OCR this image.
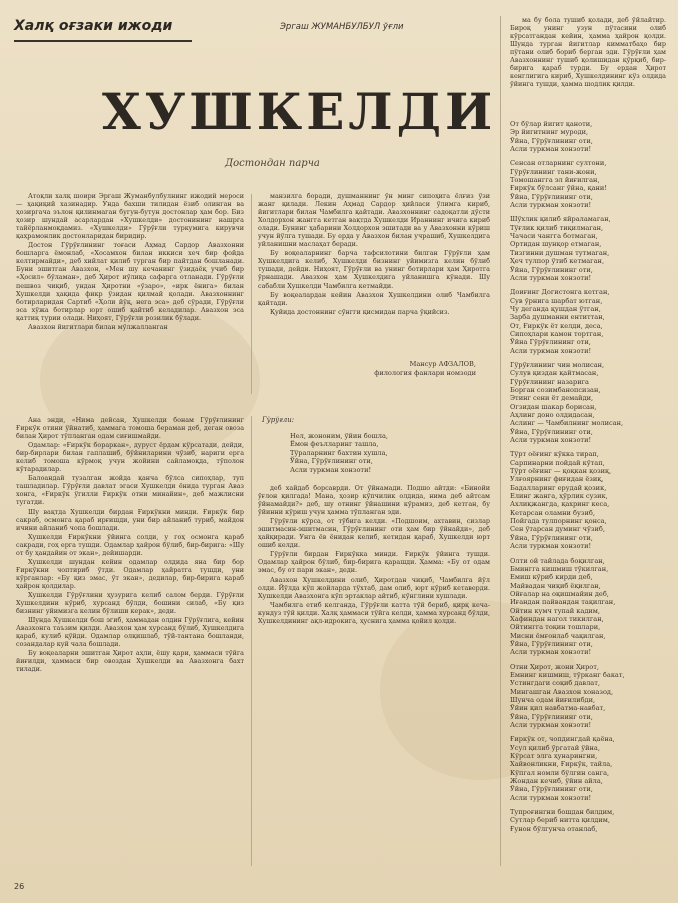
Халқ оғзаки ижоди	Эргаш ЖУМАНБУЛБУЛ ўғли
ХУШКЕЛДИ
Достондан парча

Атоқли халқ шоири Эргаш Жуманбулбулнинг ижодий мероси — ҳақиқий хазинадир. Унда бахши тилидан ёзиб олинган ва ҳозиргача эълон қилинмаган бугун-бутун достонлар ҳам бор. Биз ҳозир шундай асарлардан «Хушкелди» достонининг нашрга тайёрланмоқдамиз. «Хушкелди» Гўрўғли туркумига кирувчи қаҳрамонлик достонларидан биридир.

Достон Гўрўғлининг тоғаси Аҳмад Сардор Авазхонни бошларга ёмонлаб, «Хосамхон билан иккиси хеч бир фойда келтирмайди», деб хийлат қилиб турган бир пайтдан бошланади. Буни эшитган Авазхон, «Мен шу кечанинг ўзидаёқ учиб бир «Ҳосил» бўламан», деб Ҳирот иўлиқа сафарга отланади. Гўрўғли пешвоз чиқиб, ундан Ҳиротни «ўзаро», «ирк ёнига» билан Хушкелди ҳақида фикр ўзидан қилмай қолади. Авазхоннинг ботирларидан Сартиб «Ҳоли йўқ, нега эса» деб сўради, Гўрўғли эса хўжа ботирлар юрт ошиб қайтиб келадилар. Авазхон эса қаттиқ турии олади. Ниҳоят, Гўрўғли розилик бўлади.

Авазхон йигитлари билан мўлжалланган

манзилга боради, душманнинг ўн минг сипоҳига ёлғиз ўзи жанг қилади. Лекин Аҳмад Сардор ҳийласи ўлимга кириб, йигитлари билан Чамбилга қайтади. Авазхоннинг садоқатли дўсти Холдорхон жангга кетган вақтда Хушкелди Ираннинг ичига кириб олади. Бунинг ҳабарини Холдорхон эшитади ва у Авазхонни кўриш учун йўлга тушади. Бу ерда у Авазхон билан учрашиб, Хушкелдига уйланишни маслаҳат беради.

Бу воқеаларнинг барча тафсилотини билган Гўрўғли ҳам Хушкелдига келиб, Хушкелди бизнинг уйимизга келин бўлиб тушади, дейди. Ниҳоят, Гўрўғли ва унинг ботирлари ҳам Ҳиротга ўрнашади. Авазхон ҳам Хушкелдига уйланишга кўнади. Шу сабабли Хушкелди Чамбилга кетмайди.

Бу воқеалардан кейин Авазхон Хушкелдини олиб Чамбилга қайтади.

Қуйида достоннинг сўнгги қисмидан парча ўқийсиз.

Мансур АФЗАЛОВ,
филология фанлари номзоди

Ана энди, «Нима дейсан, Хушкелди бонам Гўрўғлининг Ғиркўк отини ўйнатиб, ҳаммага томоша бераман деб, деган овоза билан Ҳирот тўпланган одам сиғишмайди.

Одамлар: «Ғиркўк бораркан», дуруст ёрдам кўрсатади, дейди, бир-бирлари билан гаплашиб, бўйниларини чўзиб, нариги ерга келиб томоша кўрмоқ учун жойини сайламоқда, тўполон кўтарадилар.

Балоандай тузалган жойда қанча бўлса сипоҳлар, туп ташладилар. Гўрўғли давлат эгаси Хушкелди ёнида турган Аваз хонга, «Ғиркўк ўгилли Ғиркўк отни минайин», деб мажлисни тугатди.

Шу вақтда Хушкелди бирдан Ғиркўкни минди. Ғиркўк бир сакраб, осмонга қараб ирғишди, уни бир айланиб туриб, майдон ичини айланиб чопа бошлади.

Хушкелди Ғиркўкни ўйинга солди, у гоҳ осмонга қараб сакради, гоҳ ерга тушди. Одамлар ҳайрон бўлиб, бир-бирига: «Шу от бу ҳандайин от экан», дейишарди.

Хушкелди шундан кейин одамлар олдида яна бир бор Ғиркўкни чоптириб ўтди. Одамлар ҳайратга тушди, уни кўрганлар: «Бу қиз эмас, ўт экан», дедилар, бир-бирига қараб ҳайрон қолдилар.

Хушкелди Гўрўғлини ҳузурига келиб салом берди. Гўрўғли Хушкелдини кўриб, хурсанд бўлди, бошини силаб, «Бу қиз бизнинг уйимизга келин бўлиши керак», деди.

Шунда Хушкелди бош эгиб, ҳаммадан олдин Гўрўғлига, кейин Авазхонга таъзим қилди. Авазхон ҳам хурсанд бўлиб, Хушкелдига қараб, кулиб қўйди. Одамлар олқишлаб, тўй-тантана бошланди, созандалар куй чала бошлади.

Бу воқеаларни эшитган Ҳирот аҳли, ёшу қари, ҳаммаси тўйга йиғилди, ҳаммаси бир овоздан Хушкелди ва Авазхонга бахт тилади.

Гўрўғли:
Нел, жононим, ўйин бошла,
Ёмон феълларинг ташла,
Тўраларнинг бахтин хушла,
Ўйна, Гўрўғлининг оти,
Асли туркман хонзоти!

деб хайдаб борсаврди. От ўйнамади. Подшо айтди: «Бинойи ўғлон қилгада! Мана, ҳозир кўпчилик олдида, нима деб айтсам ўйнамайди?» деб, шу отнинг ўйнашини кўрамиз, деб кетган, бу ўйинни кўриш учун ҳамма тўпланган эди.

Гўрўғли кўрса, от тўбига келди. «Подшоим, ахтавин, сизлар эшитмасин-эшитмасин, Гўрўғлининг оти ҳам бир ўйнайди», деб ҳайқиради. Унга ёв ёнидан келиб, кетидан қараб, Хушкелди юрт ошиб келди.

Гўрўғли бирдан Ғиркўкка минди. Ғиркўк ўйинга тушди. Одамлар ҳайрон бўлиб, бир-бирига қарашди. Ҳамма: «Бу от одам эмас, бу от пари экан», деди.

Авазхон Хушкелдини олиб, Ҳиротдан чиқиб, Чамбилга йўл олди. Йўлда кўп жойларда тўхтаб, дам олиб, юрт кўриб кетаверди. Хушкелди Авазхонга кўп эртаклар айтиб, кўнглини хушлади.

Чамбилга етиб келганда, Гўрўғли катта тўй бериб, қирқ кеча-кундуз тўй қилди. Халқ ҳаммаси тўйга келди, ҳамма хурсанд бўлди, Хушкелдининг ақл-идрокига, ҳуснига ҳамма қойил қолди.

ма бу бола тушиб қолади, деб ўйлайтир. Бироқ унинг узун пўтасини олиб кўрсатгандан кейин, ҳамма ҳайрон қолди. Шунда турган йигитлар кимматбаҳо бир пўтани олиб бориб берган эди. Гўрўғли ҳам Авазхоннинг тушиб қолишидан қўрқиб, бир-бирига қараб турди. Бу ердан Ҳирот кенглигига кириб, Хушкелдининг кўз олдида ўйинга тушди, ҳамма шодлик қилди.

От бўлар йигит қаноти,
Эр йигитнинг муроди,
Ўйна, Гўрўғлининг оти,
Асли туркман хонзоти!
Сенсан отларнинг султони,
Гўрўғлининг тани-жони,
Томошангга эл йиғилган,
Ғиркўк бўлсанг ўйна, қани!
Ўйна, Гўрўғлининг оти,
Асли туркман хонзоти!
Шўхлик қилиб яйраламаган,
Тўғлик қилиб тиқилмаган,
Чачаси чангга ботмаган,
Ортидан шунқор етмаган,
Тизгинни душман тутмаган,
Ҳеч тулпор ўтиб кетмаган,
Ўйна, Гўрўғлининг оти,
Асли туркман хонзоти!
Доиғинг Догистонга кетган,
Сув ўрнига шарбат ютган,
Чу деганда қушдан ўтган,
Зарба душманни ентиттан,
От, Ғиркўк ёт келди, деса,
Сипоҳлари камон тортган,
Ўйна Гўрўғлининг оти,
Асли туркман хонзоти!
Гўрўғлининг чин молисан,
Сулув қиздан қайтмасан,
Гўрўғлининг назарига
Борган созимбанопсизан,
Этинг сени ёт демайди,
Огзидан шакар борисан,
Аҳлинг доно олдидасан,
Аслинг — Чамбилнинг молисан,
Ўйна, Гўрўғлининг оти,
Асли туркман хонзоти!
Тўрт оёғинг кўкка тирап,
Сарпинарни пойдай кўтап,
Тўрт оёғинг — қоқкан қозиқ,
Улғоярнинг фиғидан ёзиқ,
Бадалларинг ерудай қозик,
Елинг жанга, ҳўрлик сузик,
Ахлиқжангда, қахринг кеса,
Кетарсан оламни бузиб,
Пойгада тулпорнинг қонса,
Сен ўтарсан думинг чўзиб,
Ўйна, Гўрўғлининг оти,
Асли туркман хонзоти!
Олти ой тайлада боқилган,
Бмингга кишмиш тўкилган,
Емиш кўриб кирди деб,
Майвадан чиқиб ёқилган,
Ойғалар на оқишмайин деб,
Иғандан пайвандан тақилган,
Ойтин кумч тупай кадим,
Хафиндан нагол тикилган,
Ойтингга тоқин тошлари,
Мисни ёмғонлаб чақилган,
Ўйна, Гўрўғлининг оти,
Асли туркман хонзоти!
Отни Ҳирот, жони Ҳирот,
Емнинг кишмиш, тўрканг бакат,
Устингдаги соқиб давлат,
Мингашган Авазхон хоназод,
Шунча одам йиғилибди,
Ўйин қил навбатма-навбат,
Ўйна, Гўрўғлининг оти,
Асли туркман хонзоти!
Ғиркўк от, чопдингдай қаёна,
Усул қилиб ўргатай ўйна,
Кўрсат элга ҳунарингни,
Хайвонликни, Ғиркўк, тайла,
Кўпгал номли бўлгин санга,
Жондан кечиб, ўйин айла,
Ўйна, Гўрўғлининг оти,
Асли туркман хонзоти!
Тупроғингни бошдан билдим,
Сутлар бериб нитта қилдим,
Ғунон бўлгунча отанлаб,
26
